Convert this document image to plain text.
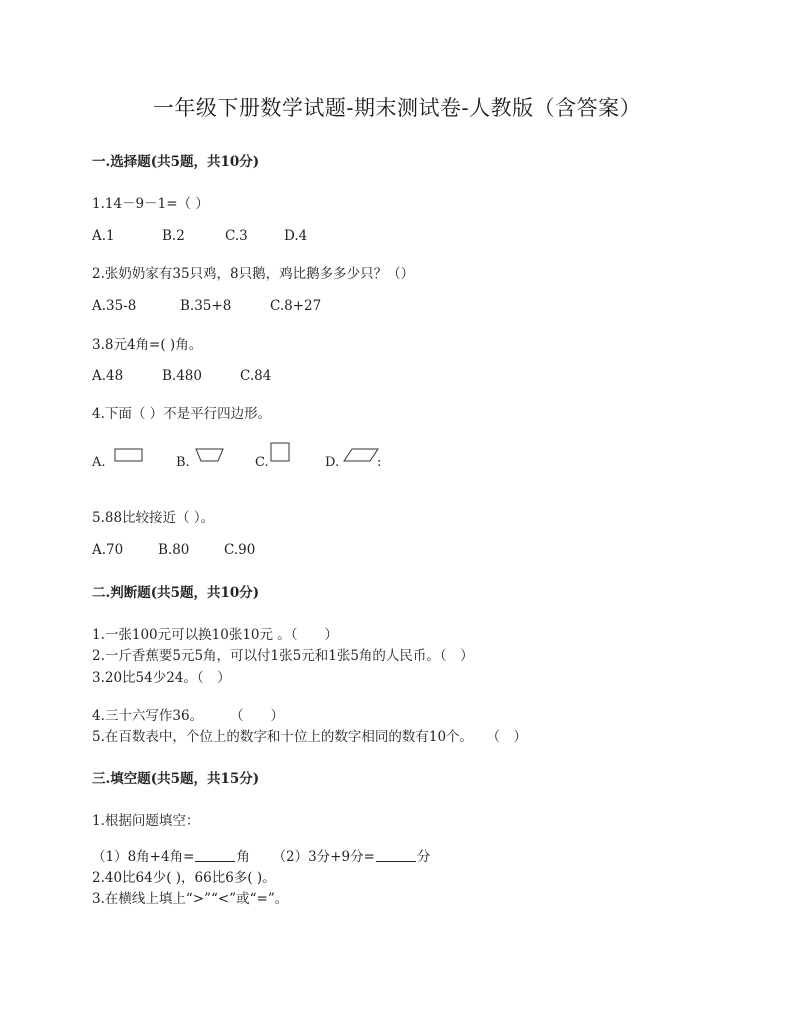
一年级下册数学试题-期末测试卷-人教版（含答案）
一.选择题(共5题，共10分)
1.14－9－1=（ ）
A.1	B.2	C.3	D.4
2.张奶奶家有35只鸡，8只鹅，鸡比鹅多多少只？（）
A.35-8	B.35+8	C.8+27
3.8元4角=( )角。
A.48	B.480	C.84
4.下面（ ）不是平行四边形。
A.	B.	C.	D.	:
5.88比较接近（ ）。
A.70	B.80	C.90
二.判断题(共5题，共10分)
1.一张100元可以换10张10元 。（　　）
2.一斤香蕉要5元5角，可以付1张5元和1张5角的人民币。（　）
3.20比54少24。（　）
4.三十六写作36。　　　（　　）
5.在百数表中，个位上的数字和十位上的数字相同的数有10个。　　（　）
三.填空题(共5题，共15分)
1.根据问题填空：
（1）8角+4角=	角 （2）3分+9分=	分
2.40比64少( )，66比6多( )。
3.在横线上填上“>”“<”或“=”。
